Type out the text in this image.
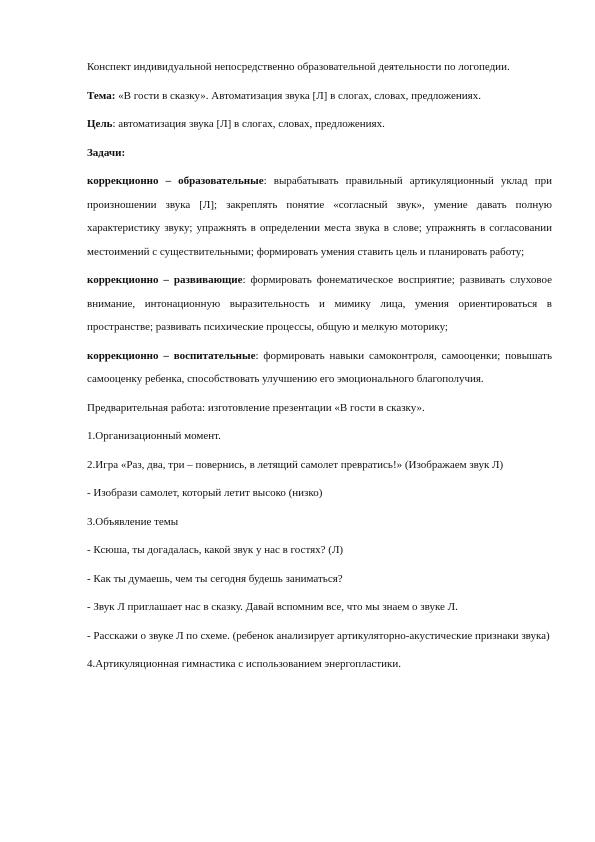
Конспект индивидуальной непосредственно образовательной деятельности по логопедии.

Тема: «В гости в сказку». Автоматизация звука [Л] в слогах, словах, предложениях.

Цель: автоматизация звука [Л] в слогах, словах, предложениях.

Задачи:

коррекционно – образовательные: вырабатывать правильный артикуляционный уклад при произношении звука [Л]; закреплять понятие «согласный звук», умение давать полную характеристику звуку; упражнять в определении места звука в слове; упражнять в согласовании местоимений с существительными; формировать умения ставить цель и планировать работу;

коррекционно – развивающие: формировать фонематическое восприятие; развивать слуховое внимание, интонационную выразительность и мимику лица, умения ориентироваться в пространстве; развивать психические процессы, общую и мелкую моторику;

коррекционно – воспитательные: формировать навыки самоконтроля, самооценки; повышать самооценку ребенка, способствовать улучшению его эмоционального благополучия.

Предварительная работа: изготовление презентации «В гости в сказку».

1.Организационный момент.

2.Игра «Раз, два, три – повернись, в летящий самолет превратись!» (Изображаем звук Л)

- Изобрази самолет, который летит высоко (низко)

3.Объявление темы

- Ксюша, ты догадалась, какой звук у нас в гостях? (Л)

- Как ты думаешь, чем ты сегодня будешь заниматься?

- Звук Л приглашает нас в сказку. Давай вспомним все, что мы знаем о звуке Л.

- Расскажи о звуке Л по схеме. (ребенок анализирует артикуляторно-акустические признаки звука)

4.Артикуляционная гимнастика с использованием энергопластики.
